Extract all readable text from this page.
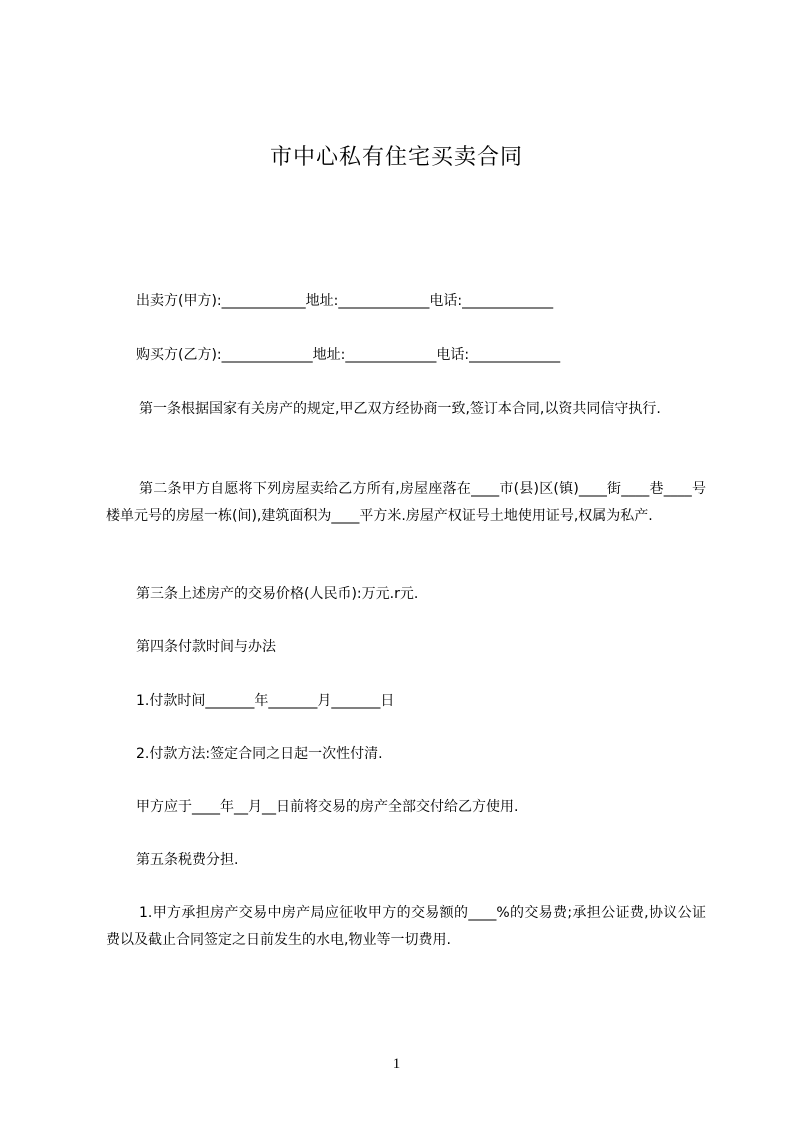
市中心私有住宅买卖合同
出卖方(甲方):____________地址:_____________电话:_____________
购买方(乙方):_____________地址:_____________电话:_____________
第一条根据国家有关房产的规定,甲乙双方经协商一致,签订本合同,以资共同信守执行.
第二条甲方自愿将下列房屋卖给乙方所有,房屋座落在____市(县)区(镇)____街____巷____号楼单元号的房屋一栋(间),建筑面积为____平方米.房屋产权证号土地使用证号,权属为私产.
第三条上述房产的交易价格(人民币):万元.r元.
第四条付款时间与办法
1.付款时间_______年_______月_______日
2.付款方法:签定合同之日起一次性付清.
甲方应于____年__月__日前将交易的房产全部交付给乙方使用.
第五条税费分担.
1.甲方承担房产交易中房产局应征收甲方的交易额的____%的交易费;承担公证费,协议公证费以及截止合同签定之日前发生的水电,物业等一切费用.
1
